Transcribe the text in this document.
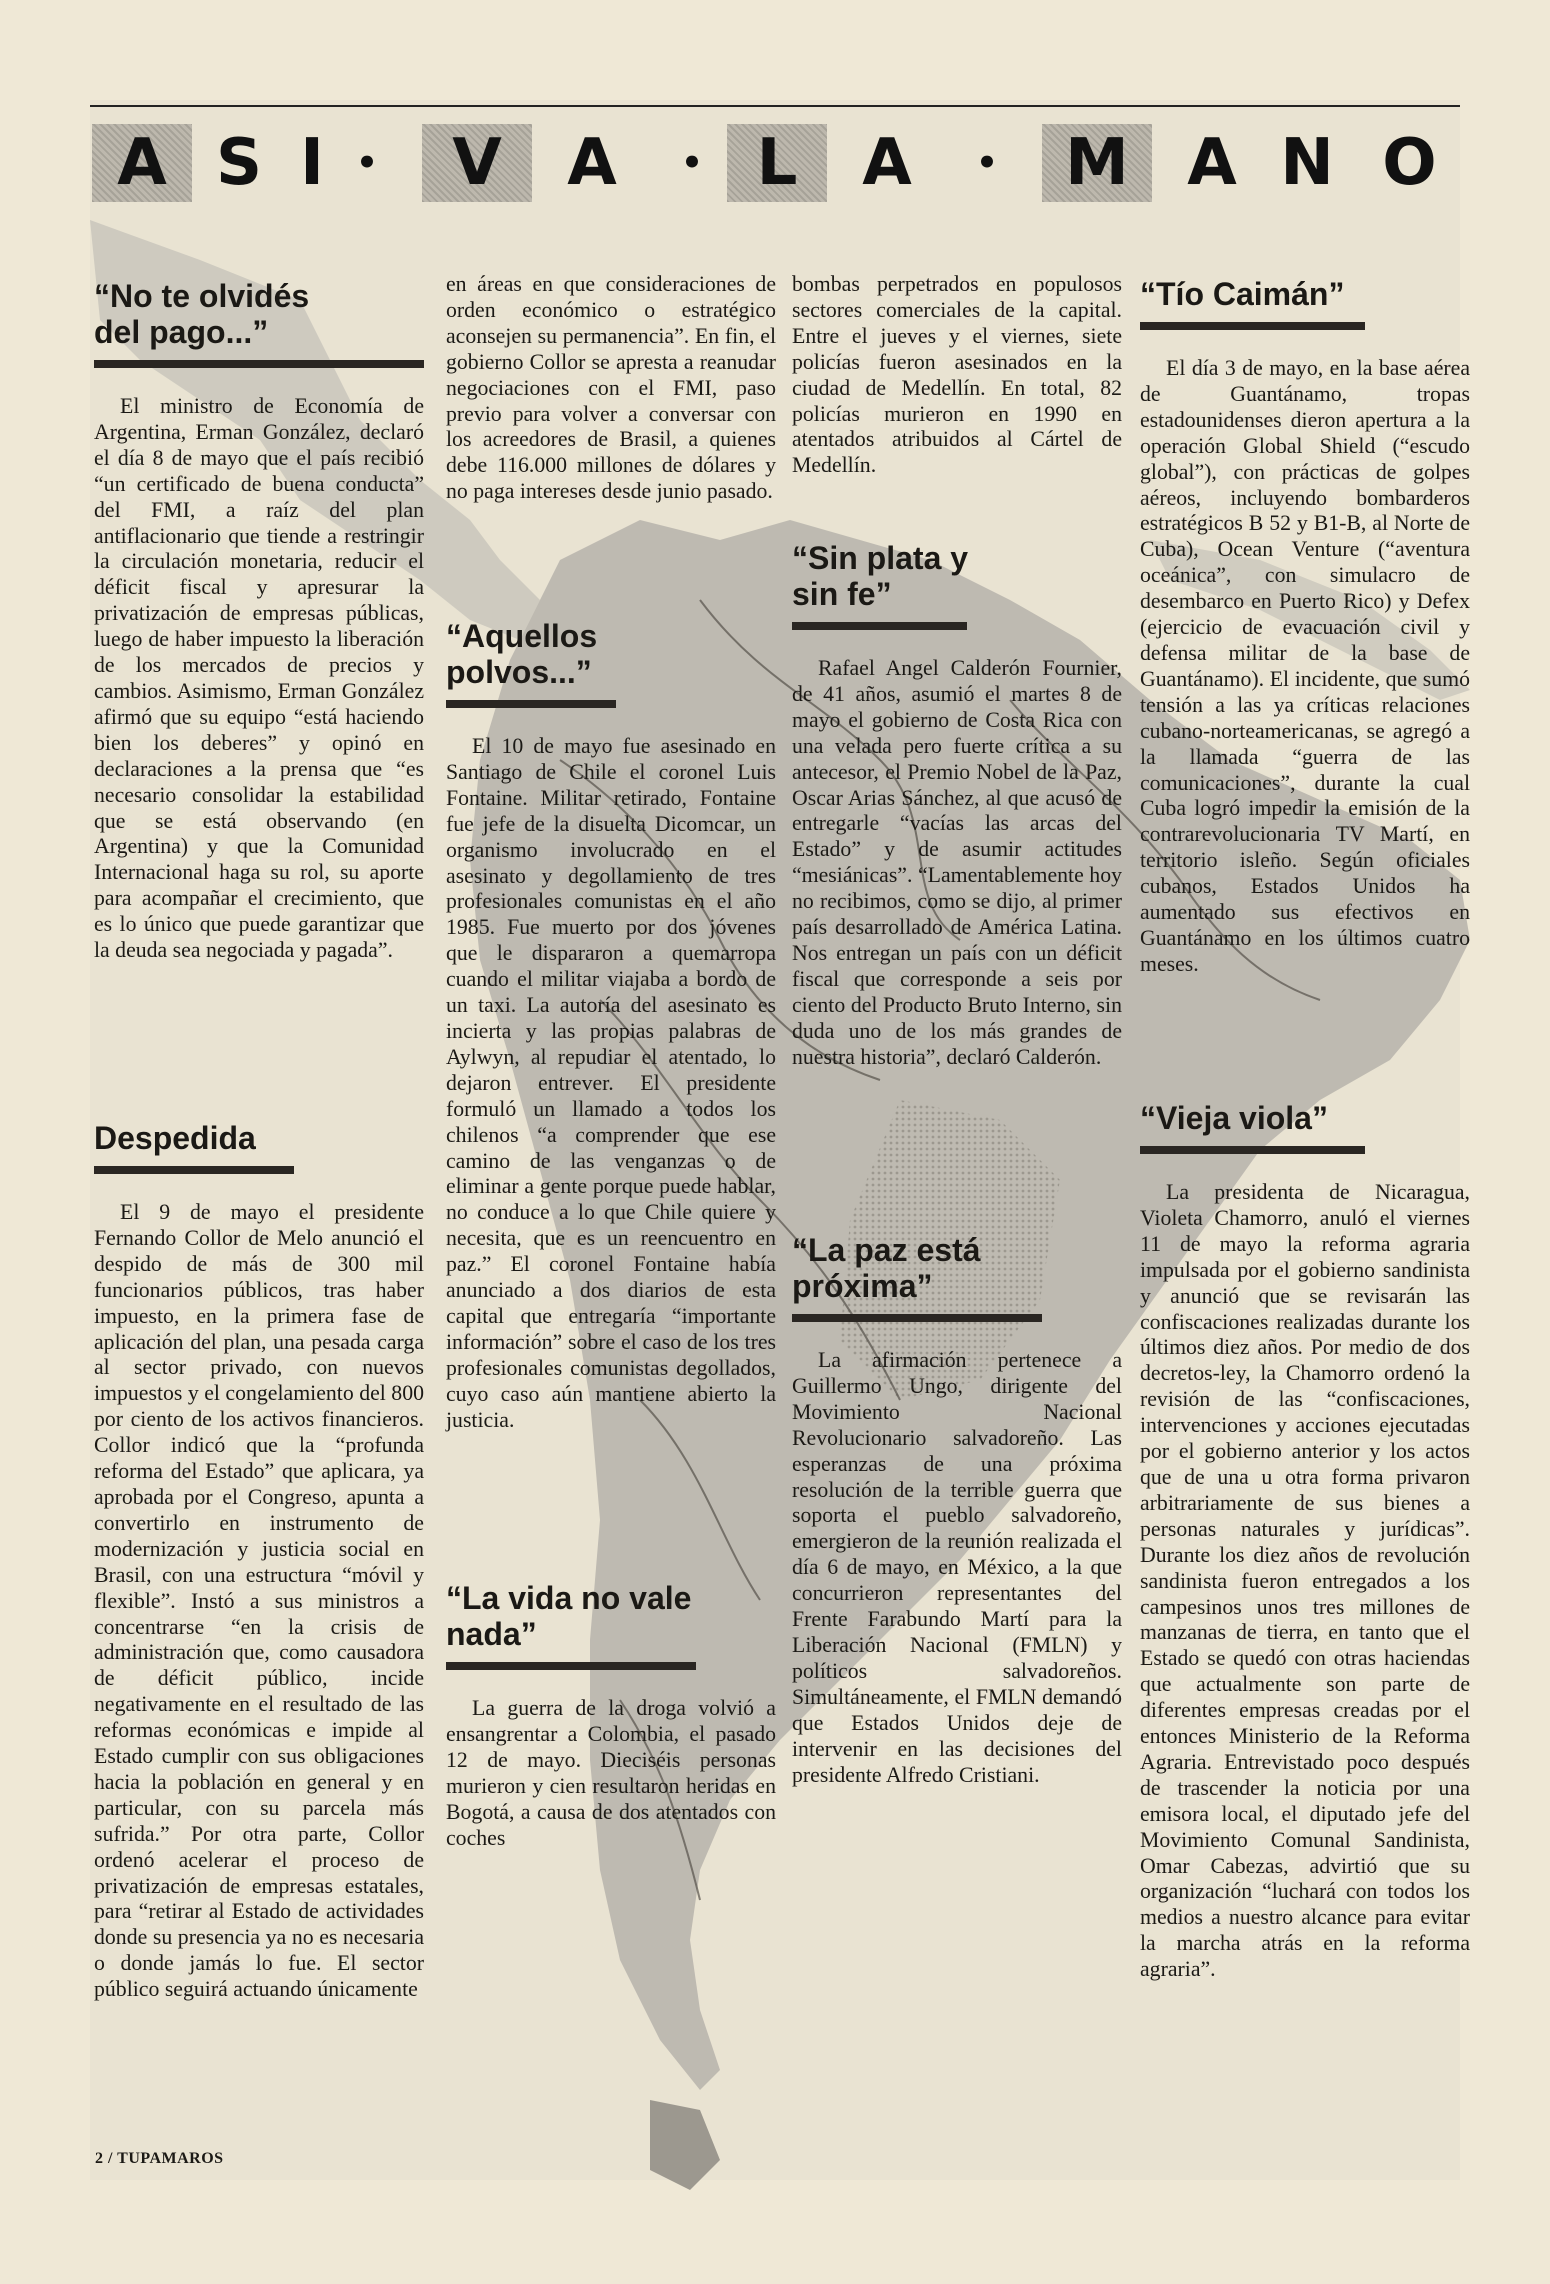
A S I •	V	A	• L	A	•	M A N O
“No te olvidés del pago...”

El ministro de Economía de Argentina, Erman González, declaró el día 8 de mayo que el país recibió “un certificado de buena conducta” del FMI, a raíz del plan antiflacionario que tiende a restringir la circulación monetaria, reducir el déficit fiscal y apresurar la privatización de empresas públicas, luego de haber impuesto la liberación de los mercados de precios y cambios. Asimismo, Erman González afirmó que su equipo “está haciendo bien los deberes” y opinó en declaraciones a la prensa que “es necesario consolidar la estabilidad que se está observando (en Argentina) y que la Comunidad Internacional haga su rol, su aporte para acompañar el crecimiento, que es lo único que puede garantizar que la deuda sea negociada y pagada”.

Despedida

El 9 de mayo el presidente Fernando Collor de Melo anunció el despido de más de 300 mil funcionarios públicos, tras haber impuesto, en la primera fase de aplicación del plan, una pesada carga al sector privado, con nuevos impuestos y el congelamiento del 800 por ciento de los activos financieros. Collor indicó que la “profunda reforma del Estado” que aplicara, ya aprobada por el Congreso, apunta a convertirlo en instrumento de modernización y justicia social en Brasil, con una estructura “móvil y flexible”. Instó a sus ministros a concentrarse “en la crisis de administración que, como causadora de déficit público, incide negativamente en el resultado de las reformas económicas e impide al Estado cumplir con sus obligaciones hacia la población en general y en particular, con su parcela más sufrida.” Por otra parte, Collor ordenó acelerar el proceso de privatización de empresas estatales, para “retirar al Estado de actividades donde su presencia ya no es necesaria o donde jamás lo fue. El sector público seguirá actuando únicamente

en áreas en que consideraciones de orden económico o estratégico aconsejen su permanencia”. En fin, el gobierno Collor se apresta a reanudar negociaciones con el FMI, paso previo para volver a conversar con los acreedores de Brasil, a quienes debe 116.000 millones de dólares y no paga intereses desde junio pasado.

“Aquellos polvos...”

El 10 de mayo fue asesinado en Santiago de Chile el coronel Luis Fontaine. Militar retirado, Fontaine fue jefe de la disuelta Dicomcar, un organismo involucrado en el asesinato y degollamiento de tres profesionales comunistas en el año 1985. Fue muerto por dos jóvenes que le dispararon a quemarropa cuando el militar viajaba a bordo de un taxi. La autoría del asesinato es incierta y las propias palabras de Aylwyn, al repudiar el atentado, lo dejaron entrever. El presidente formuló un llamado a todos los chilenos “a comprender que ese camino de las venganzas o de eliminar a gente porque puede hablar, no conduce a lo que Chile quiere y necesita, que es un reencuentro en paz.” El coronel Fontaine había anunciado a dos diarios de esta capital que entregaría “importante información” sobre el caso de los tres profesionales comunistas degollados, cuyo caso aún mantiene abierto la justicia.

“La vida no vale nada”

La guerra de la droga volvió a ensangrentar a Colombia, el pasado 12 de mayo. Dieciséis personas murieron y cien resultaron heridas en Bogotá, a causa de dos atentados con coches

bombas perpetrados en populosos sectores comerciales de la capital. Entre el jueves y el viernes, siete policías fueron asesinados en la ciudad de Medellín. En total, 82 policías murieron en 1990 en atentados atribuidos al Cártel de Medellín.

“Sin plata y sin fe”

Rafael Angel Calderón Fournier, de 41 años, asumió el martes 8 de mayo el gobierno de Costa Rica con una velada pero fuerte crítica a su antecesor, el Premio Nobel de la Paz, Oscar Arias Sánchez, al que acusó de entregarle “vacías las arcas del Estado” y de asumir actitudes “mesiánicas”. “Lamentablemente hoy no recibimos, como se dijo, al primer país desarrollado de América Latina. Nos entregan un país con un déficit fiscal que corresponde a seis por ciento del Producto Bruto Interno, sin duda uno de los más grandes de nuestra historia”, declaró Calderón.

“La paz está próxima”

La afirmación pertenece a Guillermo Ungo, dirigente del Movimiento Nacional Revolucionario salvadoreño. Las esperanzas de una próxima resolución de la terrible guerra que soporta el pueblo salvadoreño, emergieron de la reunión realizada el día 6 de mayo, en México, a la que concurrieron representantes del Frente Farabundo Martí para la Liberación Nacional (FMLN) y políticos salvadoreños. Simultáneamente, el FMLN demandó que Estados Unidos deje de intervenir en las decisiones del presidente Alfredo Cristiani.

“Tío Caimán”

El día 3 de mayo, en la base aérea de Guantánamo, tropas estadounidenses dieron apertura a la operación Global Shield (“escudo global”), con prácticas de golpes aéreos, incluyendo bombarderos estratégicos B 52 y B1-B, al Norte de Cuba), Ocean Venture (“aventura oceánica”, con simulacro de desembarco en Puerto Rico) y Defex (ejercicio de evacuación civil y defensa militar de la base de Guantánamo). El incidente, que sumó tensión a las ya críticas relaciones cubano-norteamericanas, se agregó a la llamada “guerra de las comunicaciones”, durante la cual Cuba logró impedir la emisión de la contrarevolucionaria TV Martí, en territorio isleño. Según oficiales cubanos, Estados Unidos ha aumentado sus efectivos en Guantánamo en los últimos cuatro meses.

“Vieja viola”

La presidenta de Nicaragua, Violeta Chamorro, anuló el viernes 11 de mayo la reforma agraria impulsada por el gobierno sandinista y anunció que se revisarán las confiscaciones realizadas durante los últimos diez años. Por medio de dos decretos-ley, la Chamorro ordenó la revisión de las “confiscaciones, intervenciones y acciones ejecutadas por el gobierno anterior y los actos que de una u otra forma privaron arbitrariamente de sus bienes a personas naturales y jurídicas”. Durante los diez años de revolución sandinista fueron entregados a los campesinos unos tres millones de manzanas de tierra, en tanto que el Estado se quedó con otras haciendas que actualmente son parte de diferentes empresas creadas por el entonces Ministerio de la Reforma Agraria. Entrevistado poco después de trascender la noticia por una emisora local, el diputado jefe del Movimiento Comunal Sandinista, Omar Cabezas, advirtió que su organización “luchará con todos los medios a nuestro alcance para evitar la marcha atrás en la reforma agraria”.

2 / TUPAMAROS
